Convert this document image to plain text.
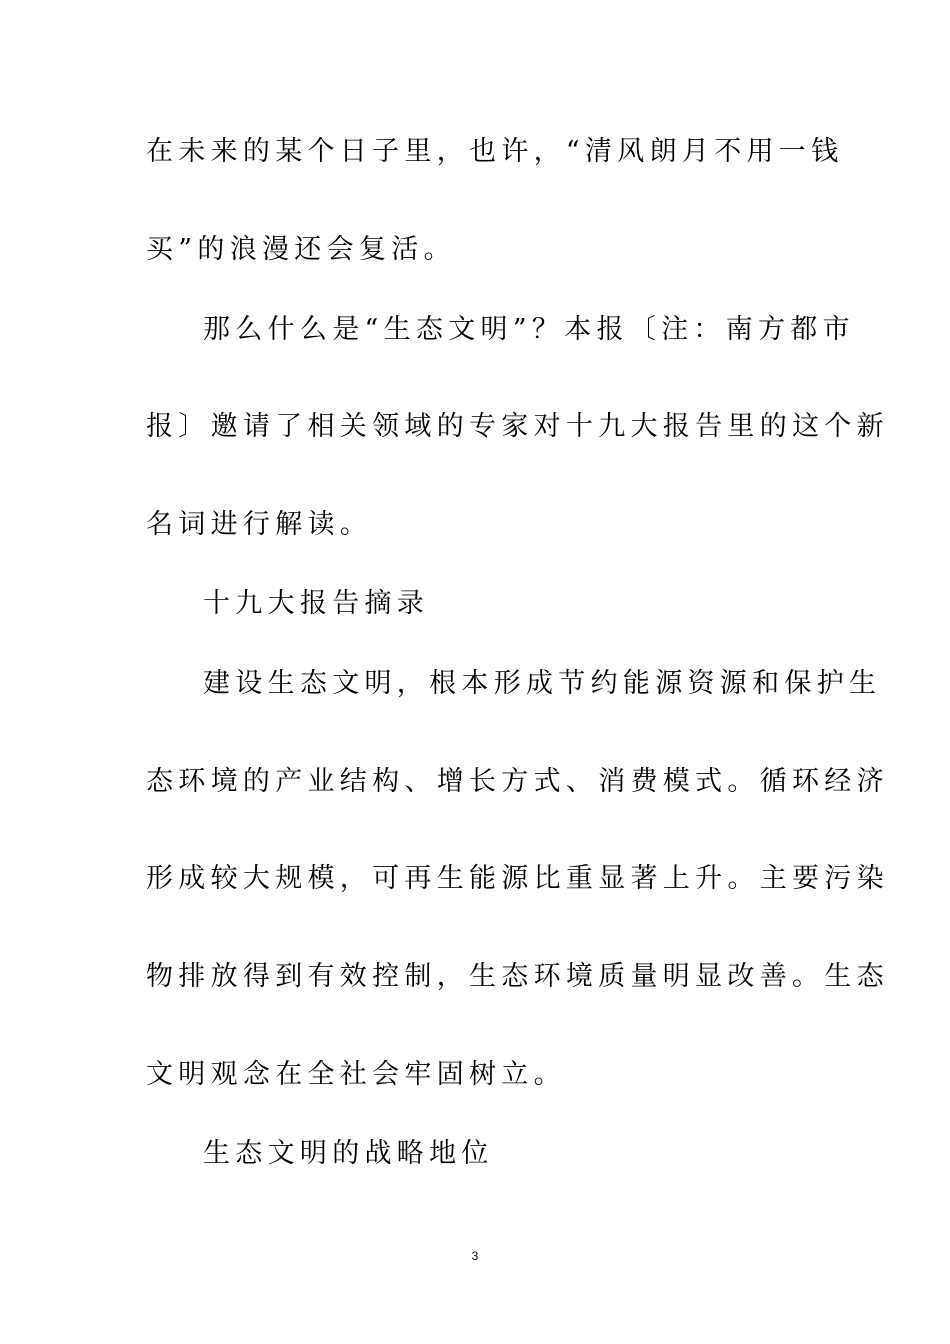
在未来的某个日子里，也许，“清风朗月不用一钱
买”的浪漫还会复活。
那么什么是“生态文明”？本报〔注：南方都市
报〕邀请了相关领域的专家对十九大报告里的这个新
名词进行解读。
十九大报告摘录
建设生态文明，根本形成节约能源资源和保护生
态环境的产业结构、增长方式、消费模式。循环经济
形成较大规模，可再生能源比重显著上升。主要污染
物排放得到有效控制，生态环境质量明显改善。生态
文明观念在全社会牢固树立。
生态文明的战略地位
3
